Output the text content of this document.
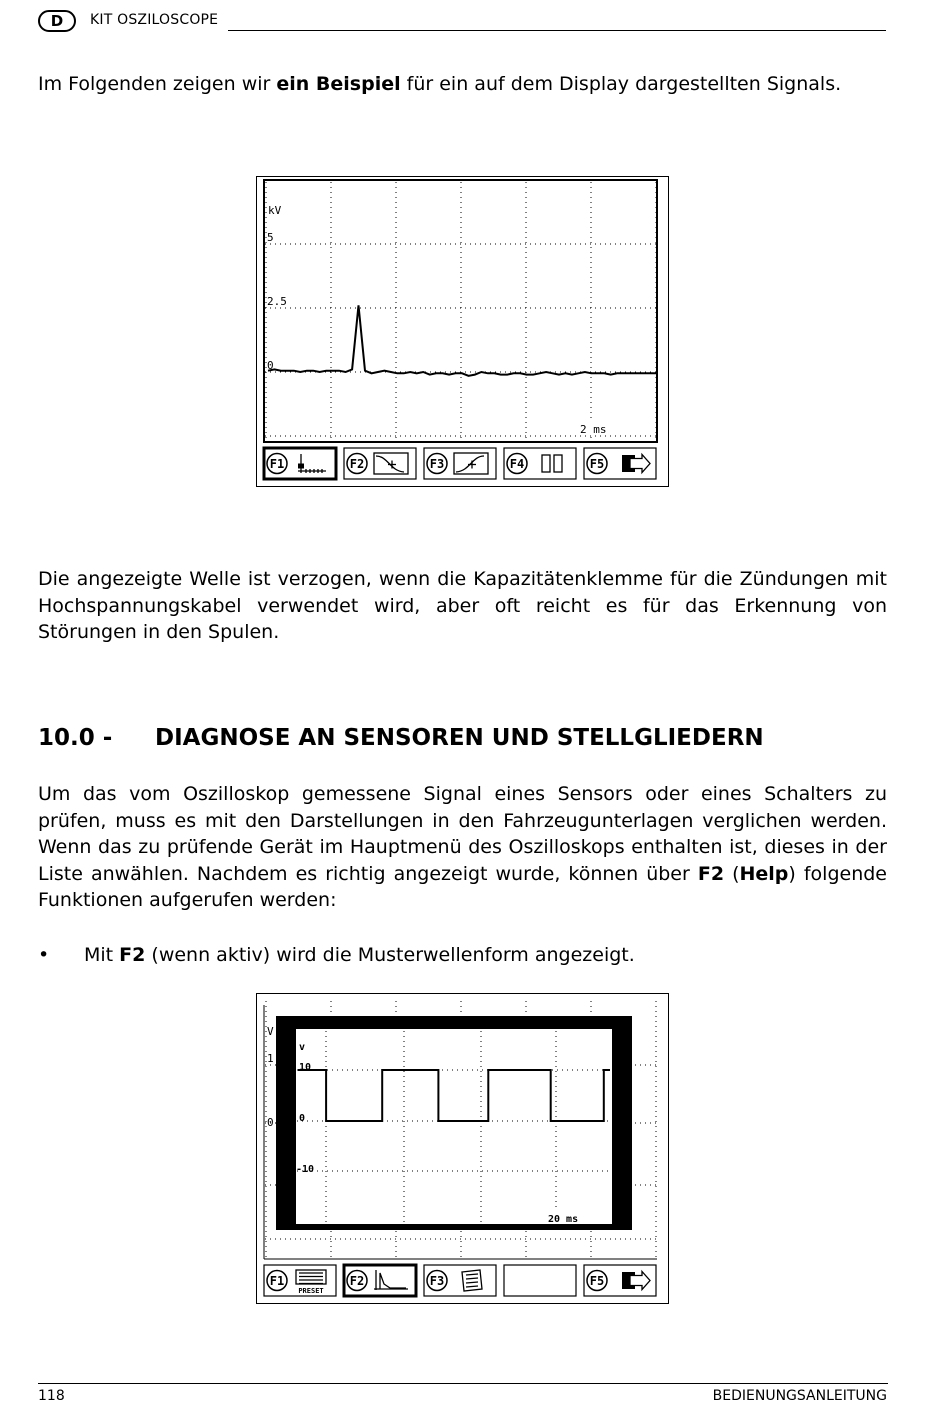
D	KIT OSZILOSCOPE
Im Folgenden zeigen wir ein Beispiel für ein auf dem Display dargestellten Signals.
kV
5
2.5
0
2 ms
F1	F2	F3	F4	F5
Die angezeigte Welle ist verzogen, wenn die Kapazitätenklemme für die Zündungen mit Hochspannungskabel verwendet wird, aber oft reicht es für das Erkennung von Störungen in den Spulen.
10.0 - DIAGNOSE AN SENSOREN UND STELLGLIEDERN
Um das vom Oszilloskop gemessene Signal eines Sensors oder eines Schalters zu prüfen, muss es mit den Darstellungen in den Fahrzeugunterlagen verglichen werden. Wenn das zu prüfende Gerät im Hauptmenü des Oszilloskops enthalten ist, dieses in der Liste anwählen. Nachdem es richtig angezeigt wurde, können über F2 (Help) folgende Funktionen aufgerufen werden:
• Mit F2 (wenn aktiv) wird die Musterwellenform angezeigt.
V
1
0
v
10
0
-10
20 ms
F1
PRESET
F2	F3	F5
118	BEDIENUNGSANLEITUNG
